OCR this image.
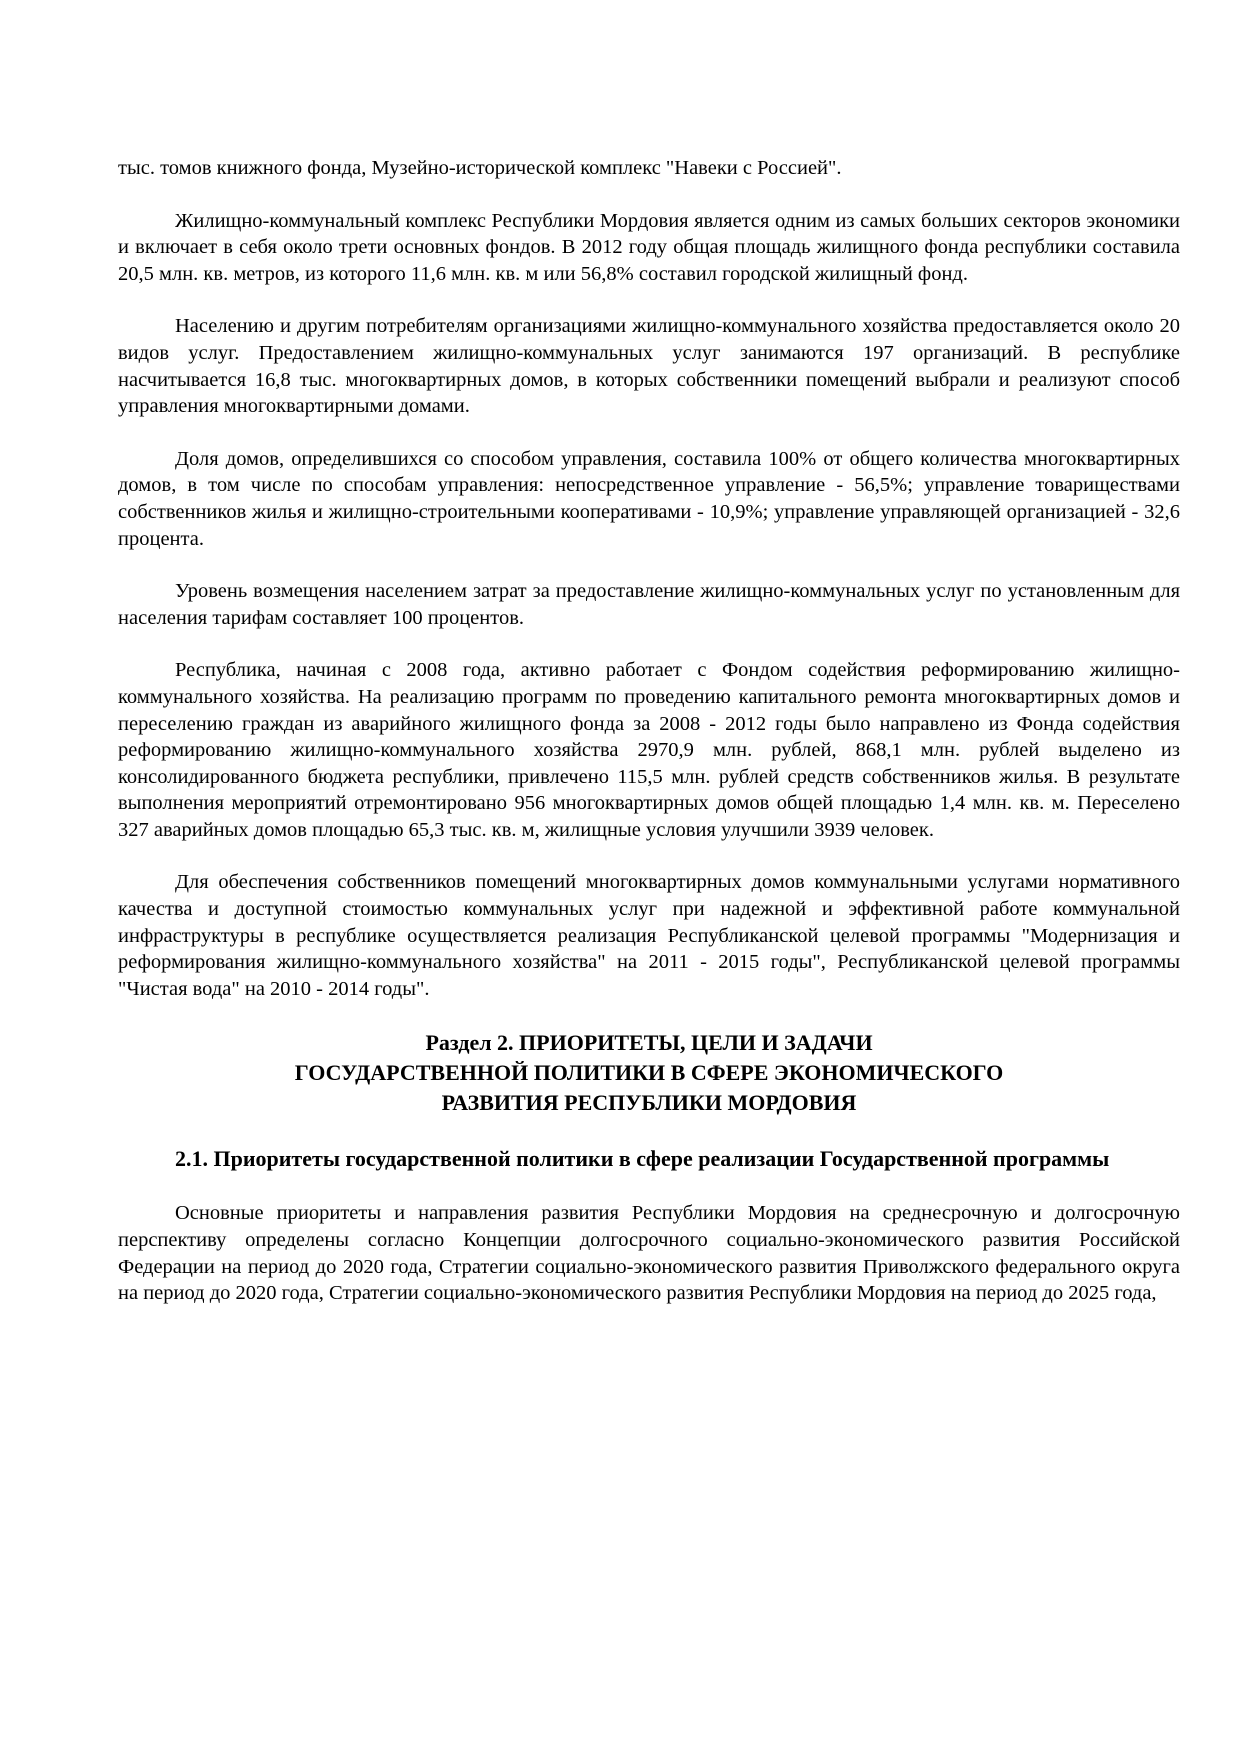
тыс. томов книжного фонда, Музейно-исторической комплекс "Навеки с Россией".

Жилищно-коммунальный комплекс Республики Мордовия является одним из самых больших секторов экономики и включает в себя около трети основных фондов. В 2012 году общая площадь жилищного фонда республики составила 20,5 млн. кв. метров, из которого 11,6 млн. кв. м или 56,8% составил городской жилищный фонд.

Населению и другим потребителям организациями жилищно-коммунального хозяйства предоставляется около 20 видов услуг. Предоставлением жилищно-коммунальных услуг занимаются 197 организаций. В республике насчитывается 16,8 тыс. многоквартирных домов, в которых собственники помещений выбрали и реализуют способ управления многоквартирными домами.

Доля домов, определившихся со способом управления, составила 100% от общего количества многоквартирных домов, в том числе по способам управления: непосредственное управление - 56,5%; управление товариществами собственников жилья и жилищно-строительными кооперативами - 10,9%; управление управляющей организацией - 32,6 процента.

Уровень возмещения населением затрат за предоставление жилищно-коммунальных услуг по установленным для населения тарифам составляет 100 процентов.

Республика, начиная с 2008 года, активно работает с Фондом содействия реформированию жилищно-коммунального хозяйства. На реализацию программ по проведению капитального ремонта многоквартирных домов и переселению граждан из аварийного жилищного фонда за 2008 - 2012 годы было направлено из Фонда содействия реформированию жилищно-коммунального хозяйства 2970,9 млн. рублей, 868,1 млн. рублей выделено из консолидированного бюджета республики, привлечено 115,5 млн. рублей средств собственников жилья. В результате выполнения мероприятий отремонтировано 956 многоквартирных домов общей площадью 1,4 млн. кв. м. Переселено 327 аварийных домов площадью 65,3 тыс. кв. м, жилищные условия улучшили 3939 человек.

Для обеспечения собственников помещений многоквартирных домов коммунальными услугами нормативного качества и доступной стоимостью коммунальных услуг при надежной и эффективной работе коммунальной инфраструктуры в республике осуществляется реализация Республиканской целевой программы "Модернизация и реформирования жилищно-коммунального хозяйства" на 2011 - 2015 годы", Республиканской целевой программы "Чистая вода" на 2010 - 2014 годы".

Раздел 2. ПРИОРИТЕТЫ, ЦЕЛИ И ЗАДАЧИ
ГОСУДАРСТВЕННОЙ ПОЛИТИКИ В СФЕРЕ ЭКОНОМИЧЕСКОГО
РАЗВИТИЯ РЕСПУБЛИКИ МОРДОВИЯ
2.1. Приоритеты государственной политики в сфере реализации Государственной программы

Основные приоритеты и направления развития Республики Мордовия на среднесрочную и долгосрочную перспективу определены согласно Концепции долгосрочного социально-экономического развития Российской Федерации на период до 2020 года, Стратегии социально-экономического развития Приволжского федерального округа на период до 2020 года, Стратегии социально-экономического развития Республики Мордовия на период до 2025 года,
